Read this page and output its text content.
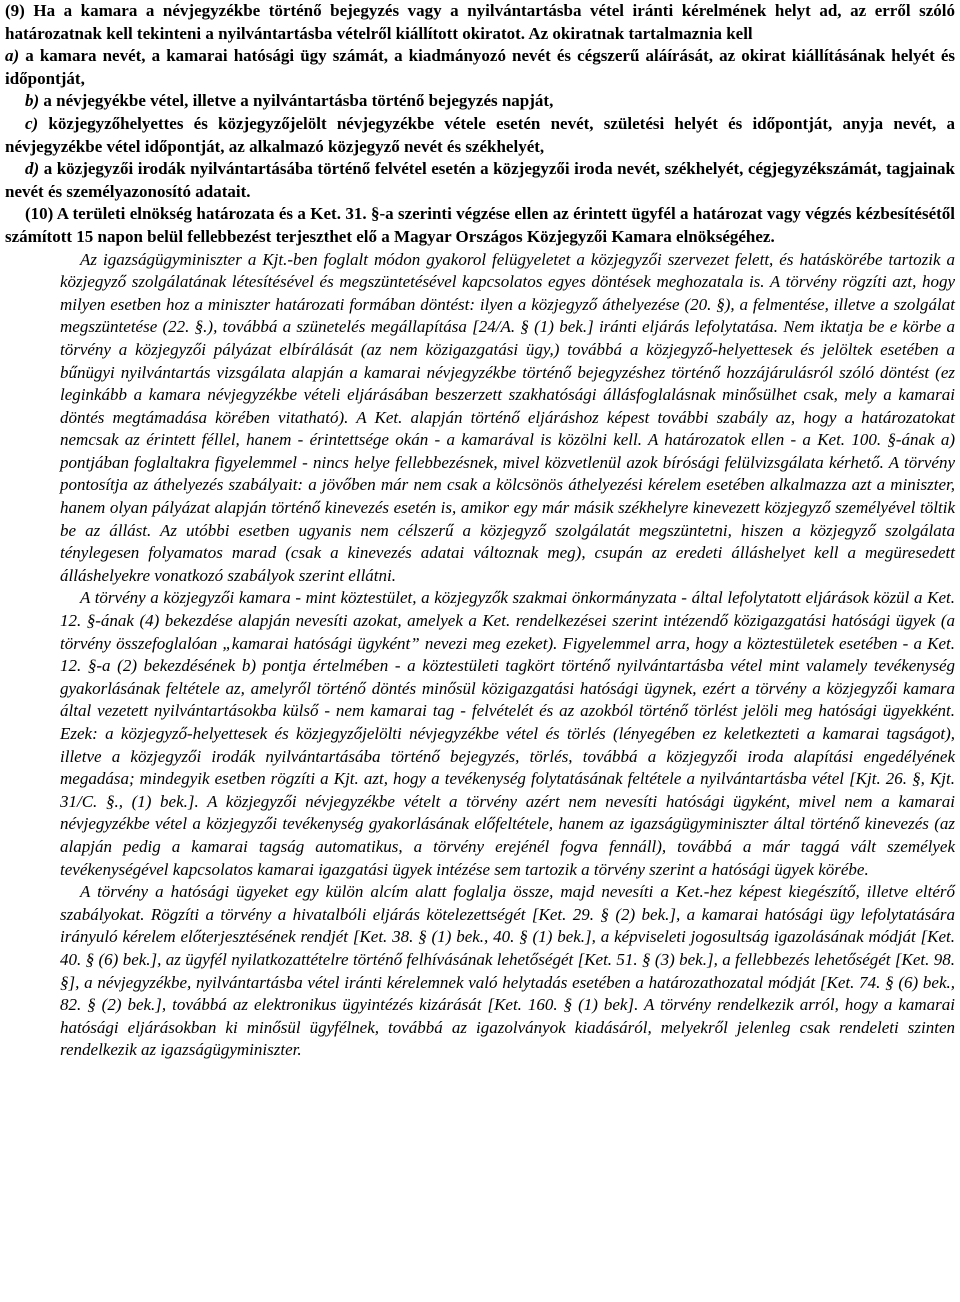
(9) Ha a kamara a névjegyzékbe történő bejegyzés vagy a nyilvántartásba vétel iránti kérelmének helyt ad, az erről szóló határozatnak kell tekinteni a nyilvántartásba vételről kiállított okiratot. Az okiratnak tartalmaznia kell

a) a kamara nevét, a kamarai hatósági ügy számát, a kiadmányozó nevét és cégszerű aláírását, az okirat kiállításának helyét és időpontját,

b) a névjegyékbe vétel, illetve a nyilvántartásba történő bejegyzés napját,

c) közjegyzőhelyettes és közjegyzőjelölt névjegyzékbe vétele esetén nevét, születési helyét és időpontját, anyja nevét, a névjegyzékbe vétel időpontját, az alkalmazó közjegyző nevét és székhelyét,

d) a közjegyzői irodák nyilvántartásába történő felvétel esetén a közjegyzői iroda nevét, székhelyét, cégjegyzékszámát, tagjainak nevét és személyazonosító adatait.

(10) A területi elnökség határozata és a Ket. 31. §-a szerinti végzése ellen az érintett ügyfél a határozat vagy végzés kézbesítésétől számított 15 napon belül fellebbezést terjeszthet elő a Magyar Országos Közjegyzői Kamara elnökségéhez.

Az igazságügyminiszter a Kjt.-ben foglalt módon gyakorol felügyeletet a közjegyzői szervezet felett, és hatáskörébe tartozik a közjegyző szolgálatának létesítésével és megszüntetésével kapcsolatos egyes döntések meghozatala is. A törvény rögzíti azt, hogy milyen esetben hoz a miniszter határozati formában döntést: ilyen a közjegyző áthelyezése (20. §), a felmentése, illetve a szolgálat megszüntetése (22. §.), továbbá a szünetelés megállapítása [24/A. § (1) bek.] iránti eljárás lefolytatása. Nem iktatja be e körbe a törvény a közjegyzői pályázat elbírálását (az nem közigazgatási ügy,) továbbá a közjegyző-helyettesek és jelöltek esetében a bűnügyi nyilvántartás vizsgálata alapján a kamarai névjegyzékbe történő bejegyzéshez történő hozzájárulásról szóló döntést (ez leginkább a kamara névjegyzékbe vételi eljárásában beszerzett szakhatósági állásfoglalásnak minősülhet csak, mely a kamarai döntés megtámadása körében vitatható). A Ket. alapján történő eljáráshoz képest további szabály az, hogy a határozatokat nemcsak az érintett féllel, hanem - érintettsége okán - a kamarával is közölni kell. A határozatok ellen - a Ket. 100. §-ának a) pontjában foglaltakra figyelemmel - nincs helye fellebbezésnek, mivel közvetlenül azok bírósági felülvizsgálata kérhető. A törvény pontosítja az áthelyezés szabályait: a jövőben már nem csak a kölcsönös áthelyezési kérelem esetében alkalmazza azt a miniszter, hanem olyan pályázat alapján történő kinevezés esetén is, amikor egy már másik székhelyre kinevezett közjegyző személyével töltik be az állást. Az utóbbi esetben ugyanis nem célszerű a közjegyző szolgálatát megszüntetni, hiszen a közjegyző szolgálata ténylegesen folyamatos marad (csak a kinevezés adatai változnak meg), csupán az eredeti álláshelyet kell a megüresedett álláshelyekre vonatkozó szabályok szerint ellátni.

A törvény a közjegyzői kamara - mint köztestület, a közjegyzők szakmai önkormányzata - által lefolytatott eljárások közül a Ket. 12. §-ának (4) bekezdése alapján nevesíti azokat, amelyek a Ket. rendelkezései szerint intézendő közigazgatási hatósági ügyek (a törvény összefoglalóan „kamarai hatósági ügyként” nevezi meg ezeket). Figyelemmel arra, hogy a köztestületek esetében - a Ket. 12. §-a (2) bekezdésének b) pontja értelmében - a köztestületi tagkört történő nyilvántartásba vétel mint valamely tevékenység gyakorlásának feltétele az, amelyről történő döntés minősül közigazgatási hatósági ügynek, ezért a törvény a közjegyzői kamara által vezetett nyilvántartásokba külső - nem kamarai tag - felvételét és az azokból történő törlést jelöli meg hatósági ügyekként. Ezek: a közjegyző-helyettesek és közjegyzőjelölti névjegyzékbe vétel és törlés (lényegében ez keletkezteti a kamarai tagságot), illetve a közjegyzői irodák nyilvántartásába történő bejegyzés, törlés, továbbá a közjegyzői iroda alapítási engedélyének megadása; mindegyik esetben rögzíti a Kjt. azt, hogy a tevékenység folytatásának feltétele a nyilvántartásba vétel [Kjt. 26. §, Kjt. 31/C. §., (1) bek.]. A közjegyzői névjegyzékbe vételt a törvény azért nem nevesíti hatósági ügyként, mivel nem a kamarai névjegyzékbe vétel a közjegyzői tevékenység gyakorlásának előfeltétele, hanem az igazságügyminiszter által történő kinevezés (az alapján pedig a kamarai tagság automatikus, a törvény erejénél fogva fennáll), továbbá a már taggá vált személyek tevékenységével kapcsolatos kamarai igazgatási ügyek intézése sem tartozik a törvény szerint a hatósági ügyek körébe.

A törvény a hatósági ügyeket egy külön alcím alatt foglalja össze, majd nevesíti a Ket.-hez képest kiegészítő, illetve eltérő szabályokat. Rögzíti a törvény a hivatalbóli eljárás kötelezettségét [Ket. 29. § (2) bek.], a kamarai hatósági ügy lefolytatására irányuló kérelem előterjesztésének rendjét [Ket. 38. § (1) bek., 40. § (1) bek.], a képviseleti jogosultság igazolásának módját [Ket. 40. § (6) bek.], az ügyfél nyilatkozattételre történő felhívásának lehetőségét [Ket. 51. § (3) bek.], a fellebbezés lehetőségét [Ket. 98. §], a névjegyzékbe, nyilvántartásba vétel iránti kérelemnek való helytadás esetében a határozathozatal módját [Ket. 74. § (6) bek., 82. § (2) bek.], továbbá az elektronikus ügyintézés kizárását [Ket. 160. § (1) bek]. A törvény rendelkezik arról, hogy a kamarai hatósági eljárásokban ki minősül ügyfélnek, továbbá az igazolványok kiadásáról, melyekről jelenleg csak rendeleti szinten rendelkezik az igazságügyminiszter.
